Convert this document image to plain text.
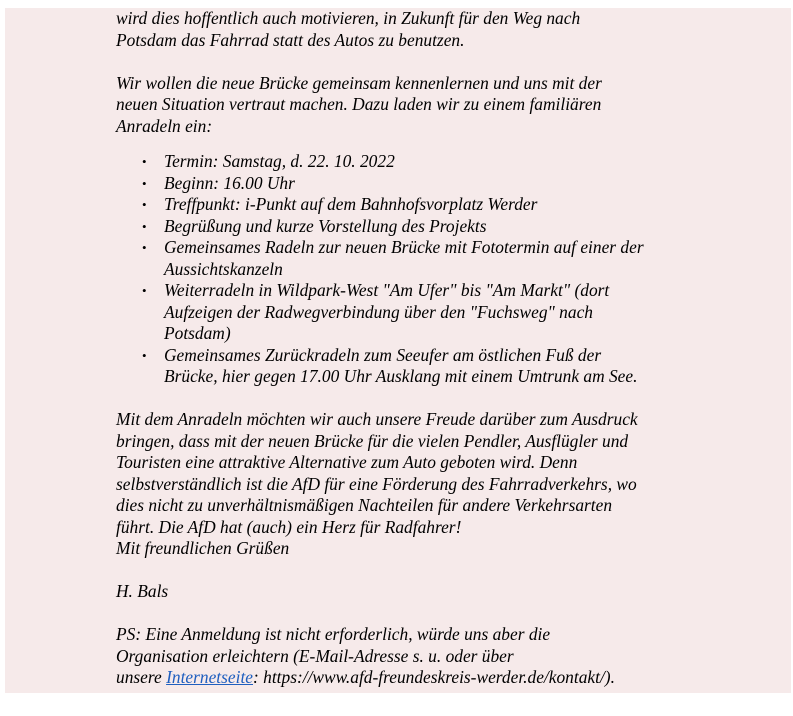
wird dies hoffentlich auch motivieren, in Zukunft für den Weg nach
Potsdam das Fahrrad statt des Autos zu benutzen.

Wir wollen die neue Brücke gemeinsam kennenlernen und uns mit der
neuen Situation vertraut machen. Dazu laden wir zu einem familiären
Anradeln ein:

• Termin: Samstag, d. 22. 10. 2022
• Beginn: 16.00 Uhr
• Treffpunkt: i-Punkt auf dem Bahnhofsvorplatz Werder
• Begrüßung und kurze Vorstellung des Projekts
• Gemeinsames Radeln zur neuen Brücke mit Fototermin auf einer der
Aussichtskanzeln
• Weiterradeln in Wildpark-West "Am Ufer" bis "Am Markt" (dort
Aufzeigen der Radwegverbindung über den "Fuchsweg" nach
Potsdam)
• Gemeinsames Zurückradeln zum Seeufer am östlichen Fuß der
Brücke, hier gegen 17.00 Uhr Ausklang mit einem Umtrunk am See.

Mit dem Anradeln möchten wir auch unsere Freude darüber zum Ausdruck
bringen, dass mit der neuen Brücke für die vielen Pendler, Ausflügler und
Touristen eine attraktive Alternative zum Auto geboten wird. Denn
selbstverständlich ist die AfD für eine Förderung des Fahrradverkehrs, wo
dies nicht zu unverhältnismäßigen Nachteilen für andere Verkehrsarten
führt. Die AfD hat (auch) ein Herz für Radfahrer!
Mit freundlichen Grüßen

H. Bals

PS: Eine Anmeldung ist nicht erforderlich, würde uns aber die
Organisation erleichtern (E-Mail-Adresse s. u. oder über
unsere Internetseite: https://www.afd-freundeskreis-werder.de/kontakt/).
